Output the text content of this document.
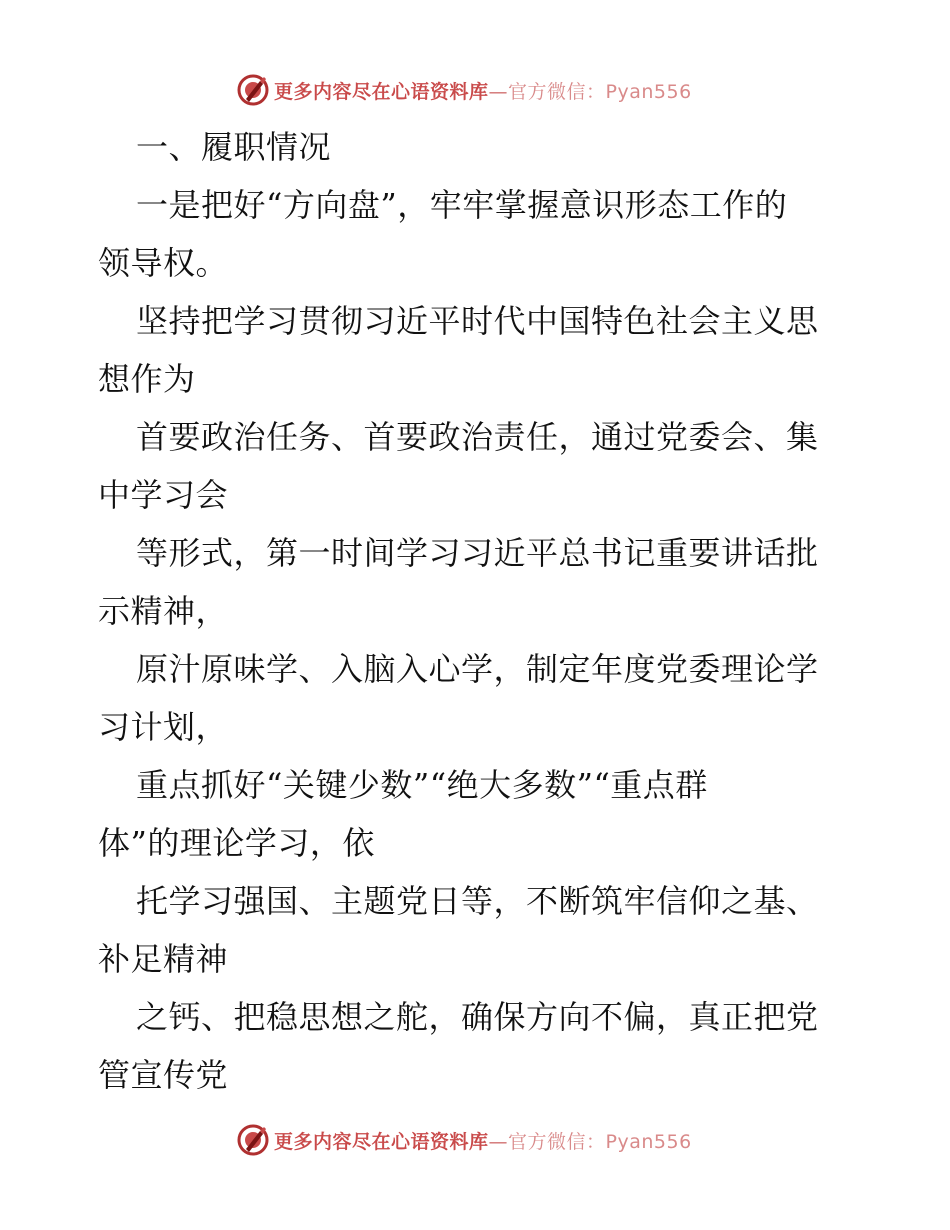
更多内容尽在心语资料库—官方微信：Pyan556
一、履职情况
一是把好“方向盘”，牢牢掌握意识形态工作的
领导权。
坚持把学习贯彻习近平时代中国特色社会主义思
想作为
首要政治任务、首要政治责任，通过党委会、集
中学习会
等形式，第一时间学习习近平总书记重要讲话批
示精神，
原汁原味学、入脑入心学，制定年度党委理论学
习计划，
重点抓好“关键少数”“绝大多数”“重点群
体”的理论学习，依
托学习强国、主题党日等，不断筑牢信仰之基、
补足精神
之钙、把稳思想之舵，确保方向不偏，真正把党
管宣传党
更多内容尽在心语资料库—官方微信：Pyan556
